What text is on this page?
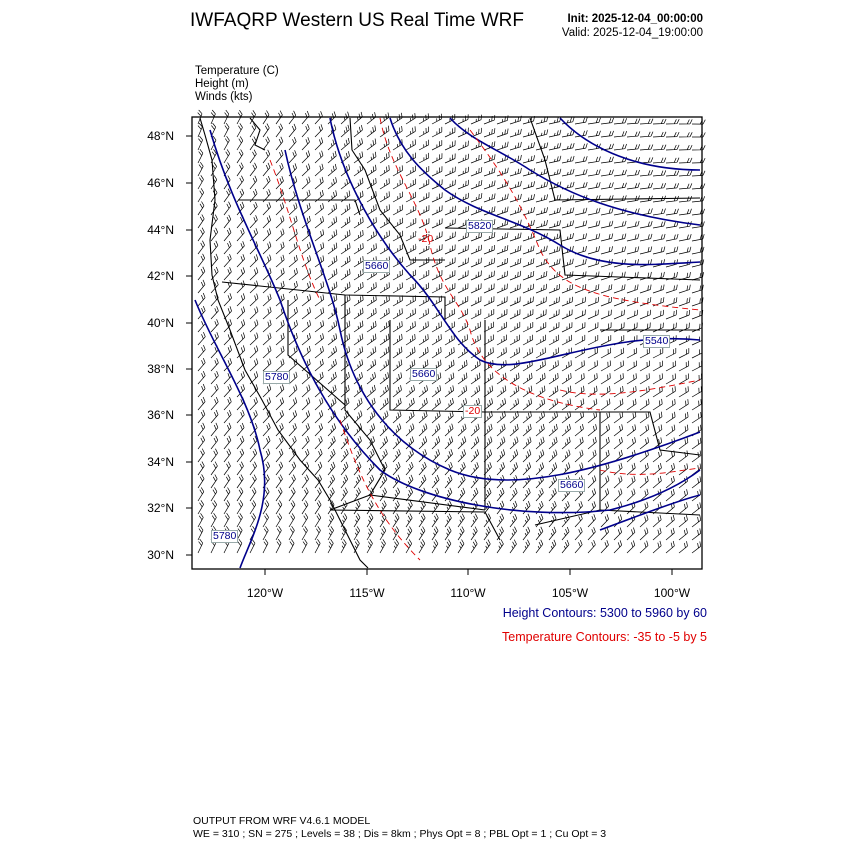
IWFAQRP Western US Real Time WRF	Init: 2025-12-04_00:00:00
Valid: 2025-12-04_19:00:00
Temperature (C)
Height (m)
Winds (kts)
48°N
46°N
44°N
42°N
40°N
38°N
36°N
34°N
32°N
30°N
120°W	115°W	110°W	105°W	100°W
5820
5660
5780	5660
5540
5660
5780
-20
-20
Height Contours: 5300 to 5960 by 60
Temperature Contours: -35 to -5 by 5
OUTPUT FROM WRF V4.6.1 MODEL
WE = 310 ; SN = 275 ; Levels = 38 ; Dis = 8km ; Phys Opt = 8 ; PBL Opt = 1 ; Cu Opt = 3
